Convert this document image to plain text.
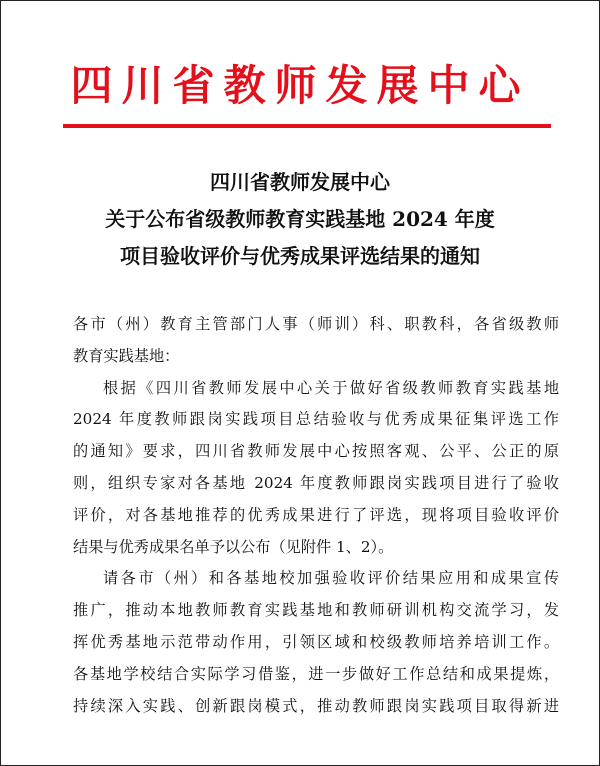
四川省教师发展中心
四川省教师发展中心
关于公布省级教师教育实践基地 2024 年度
项目验收评价与优秀成果评选结果的通知
各市（州）教育主管部门人事（师训）科、职教科，各省级教师
教育实践基地：
根据《四川省教师发展中心关于做好省级教师教育实践基地
2024 年度教师跟岗实践项目总结验收与优秀成果征集评选工作
的通知》要求，四川省教师发展中心按照客观、公平、公正的原
则，组织专家对各基地 2024 年度教师跟岗实践项目进行了验收
评价，对各基地推荐的优秀成果进行了评选，现将项目验收评价
结果与优秀成果名单予以公布（见附件 1、2）。
请各市（州）和各基地校加强验收评价结果应用和成果宣传
推广，推动本地教师教育实践基地和教师研训机构交流学习，发
挥优秀基地示范带动作用，引领区域和校级教师培养培训工作。
各基地学校结合实际学习借鉴，进一步做好工作总结和成果提炼，
持续深入实践、创新跟岗模式，推动教师跟岗实践项目取得新进
